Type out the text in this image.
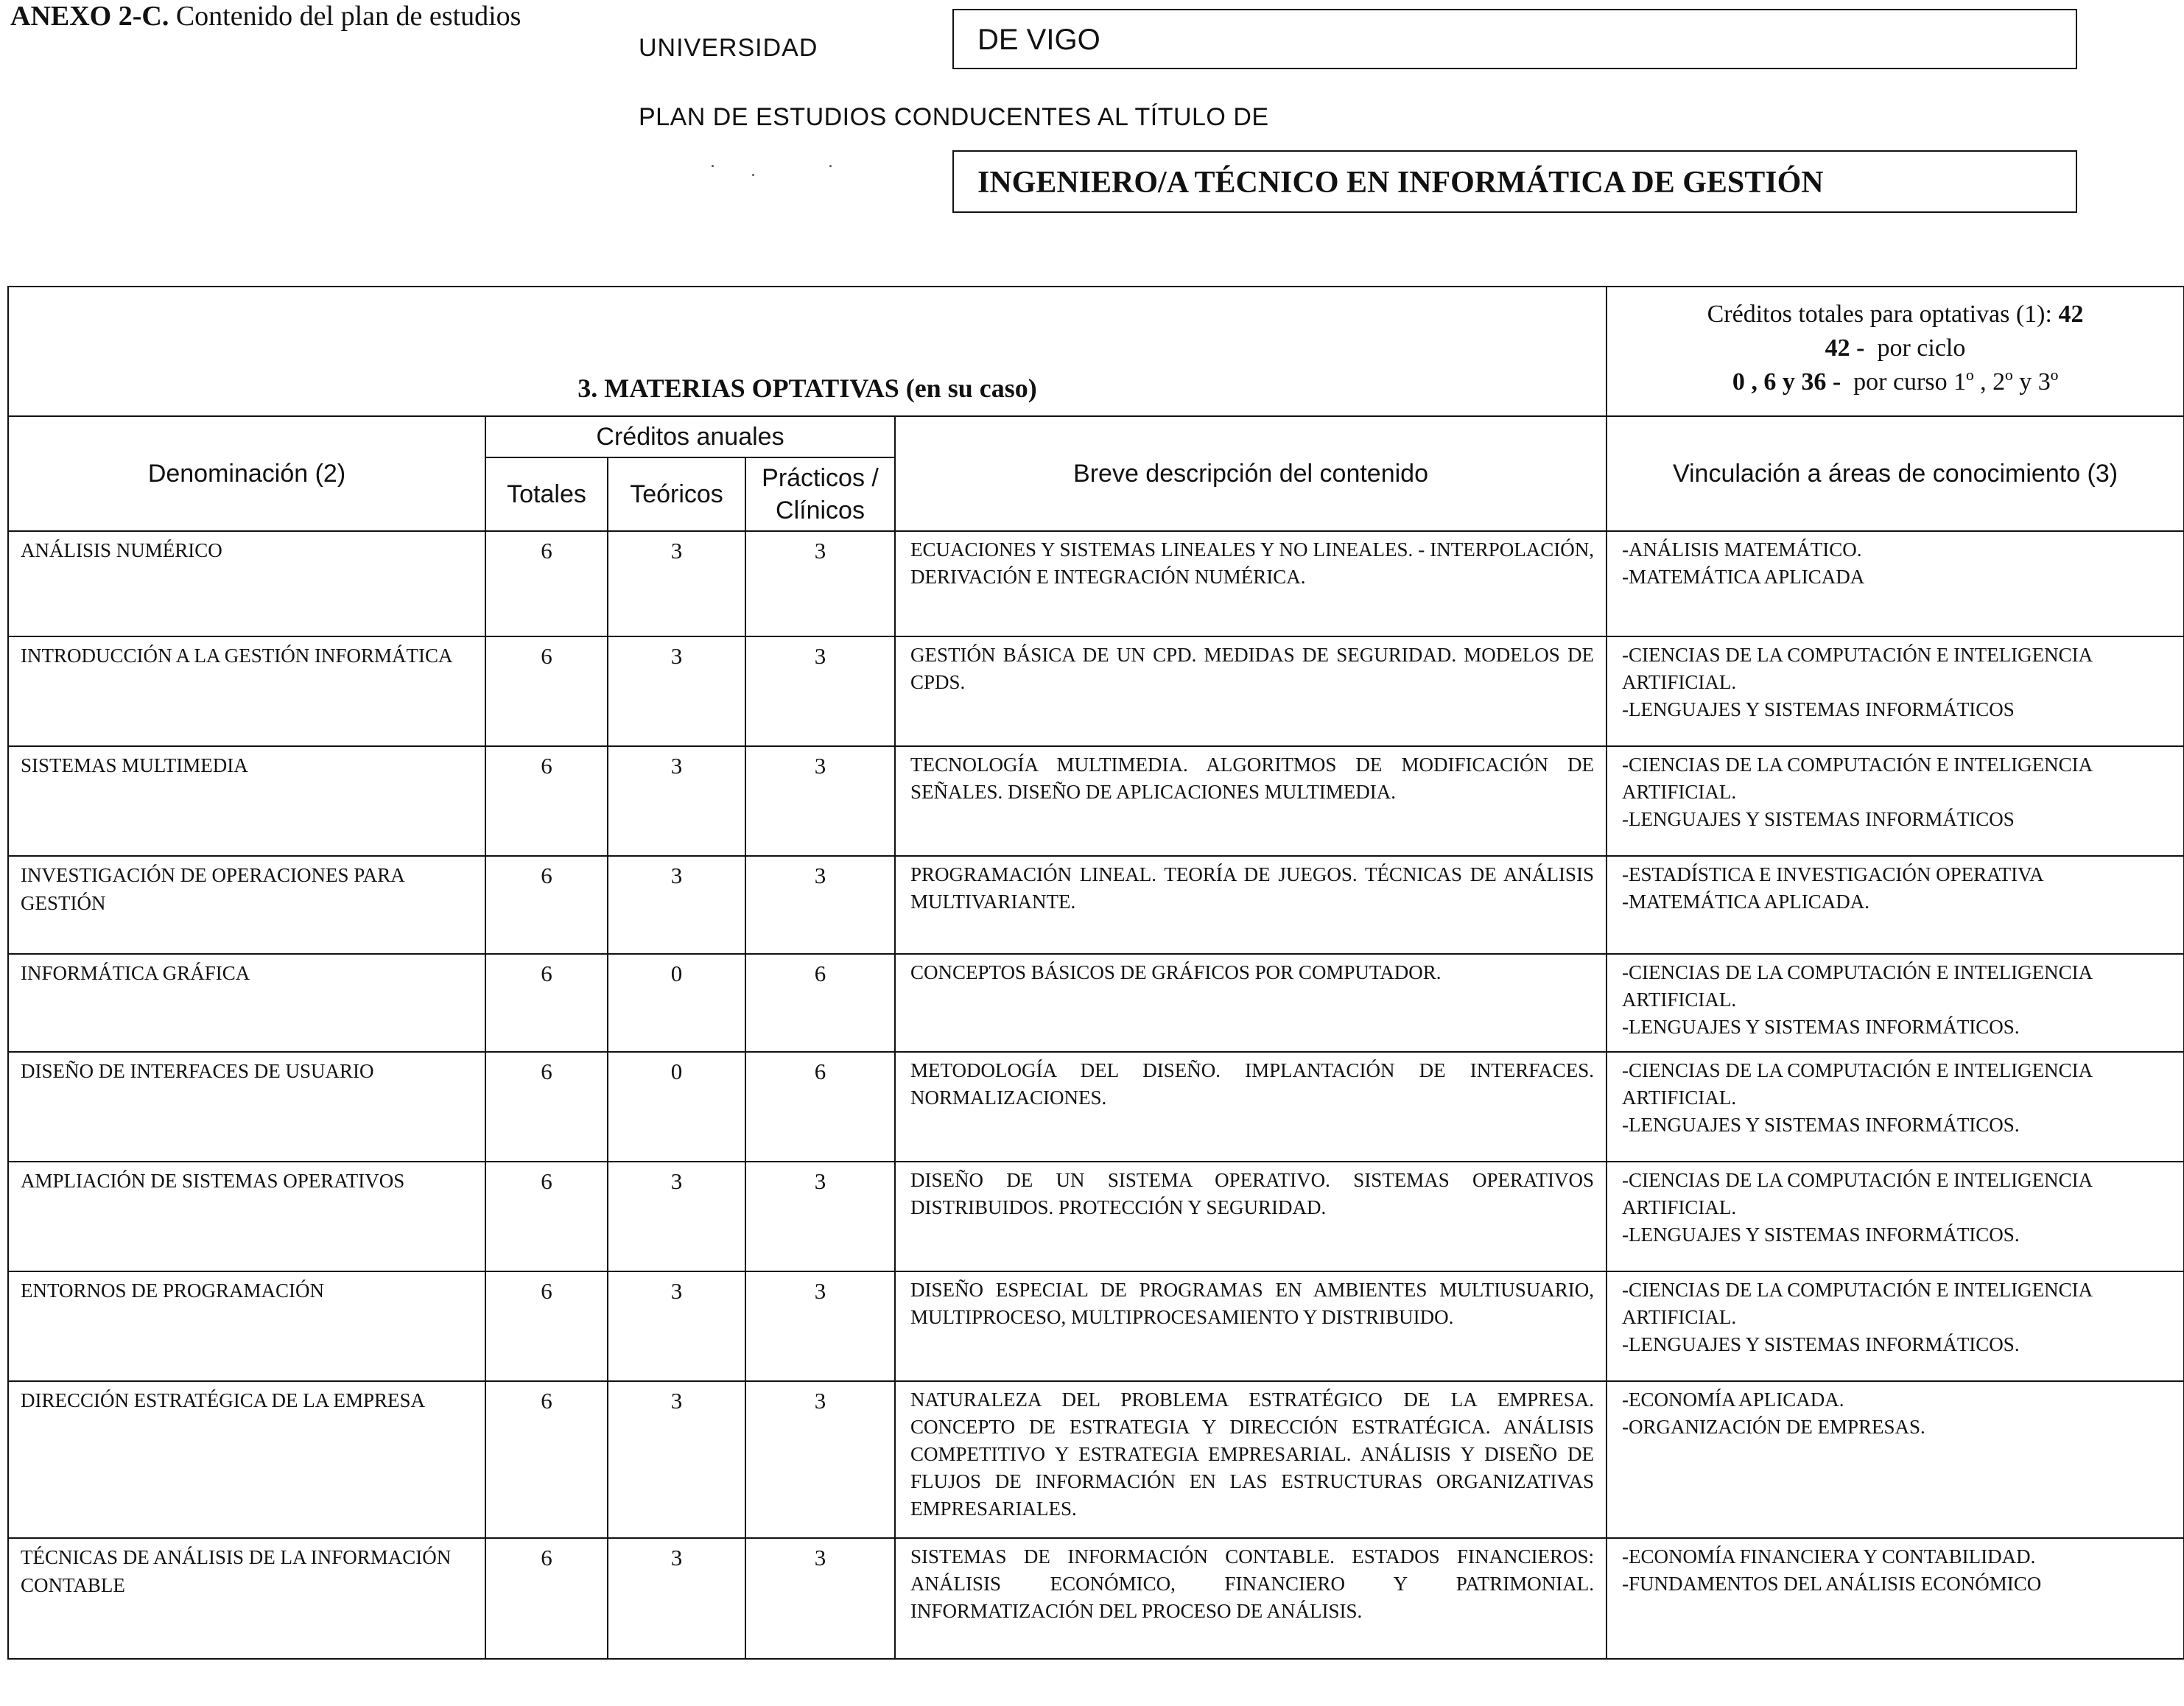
ANEXO 2-C. Contenido del plan de estudios
UNIVERSIDAD	DE VIGO
PLAN DE ESTUDIOS CONDUCENTES AL TÍTULO DE
INGENIERO/A TÉCNICO EN INFORMÁTICA DE GESTIÓN
3. MATERIAS OPTATIVAS (en su caso)					Créditos totales para optativas (1): 42
42 - por ciclo
0 , 6 y 36 - por curso 1º , 2º y 3º

Denominación (2)	Créditos anuales			Breve descripción del contenido	Vinculación a áreas de conocimiento (3)
	Totales	Teóricos	Prácticos / Clínicos		
ANÁLISIS NUMÉRICO	6	3	3	ECUACIONES Y SISTEMAS LINEALES Y NO LINEALES. - INTERPOLACIÓN, DERIVACIÓN E INTEGRACIÓN NUMÉRICA.	-ANÁLISIS MATEMÁTICO.
-MATEMÁTICA APLICADA

INTRODUCCIÓN A LA GESTIÓN INFORMÁTICA	6	3	3	GESTIÓN BÁSICA DE UN CPD. MEDIDAS DE SEGURIDAD. MODELOS DE CPDS.	-CIENCIAS DE LA COMPUTACIÓN E INTELIGENCIA
ARTIFICIAL.
-LENGUAJES Y SISTEMAS INFORMÁTICOS

SISTEMAS MULTIMEDIA	6	3	3	TECNOLOGÍA MULTIMEDIA. ALGORITMOS DE MODIFICACIÓN DE SEÑALES. DISEÑO DE APLICACIONES MULTIMEDIA.	-CIENCIAS DE LA COMPUTACIÓN E INTELIGENCIA
ARTIFICIAL.
-LENGUAJES Y SISTEMAS INFORMÁTICOS

INVESTIGACIÓN DE OPERACIONES PARA GESTIÓN	6	3	3	PROGRAMACIÓN LINEAL. TEORÍA DE JUEGOS. TÉCNICAS DE ANÁLISIS MULTIVARIANTE.	-ESTADÍSTICA E INVESTIGACIÓN OPERATIVA
-MATEMÁTICA APLICADA.

INFORMÁTICA GRÁFICA	6	0	6	CONCEPTOS BÁSICOS DE GRÁFICOS POR COMPUTADOR.	-CIENCIAS DE LA COMPUTACIÓN E INTELIGENCIA
ARTIFICIAL.
-LENGUAJES Y SISTEMAS INFORMÁTICOS.

DISEÑO DE INTERFACES DE USUARIO	6	0	6	METODOLOGÍA DEL DISEÑO. IMPLANTACIÓN DE INTERFACES. NORMALIZACIONES.	-CIENCIAS DE LA COMPUTACIÓN E INTELIGENCIA
ARTIFICIAL.
-LENGUAJES Y SISTEMAS INFORMÁTICOS.

AMPLIACIÓN DE SISTEMAS OPERATIVOS	6	3	3	DISEÑO DE UN SISTEMA OPERATIVO. SISTEMAS OPERATIVOS DISTRIBUIDOS. PROTECCIÓN Y SEGURIDAD.	-CIENCIAS DE LA COMPUTACIÓN E INTELIGENCIA
ARTIFICIAL.
-LENGUAJES Y SISTEMAS INFORMÁTICOS.

ENTORNOS DE PROGRAMACIÓN	6	3	3	DISEÑO ESPECIAL DE PROGRAMAS EN AMBIENTES MULTIUSUARIO, MULTIPROCESO, MULTIPROCESAMIENTO Y DISTRIBUIDO.	-CIENCIAS DE LA COMPUTACIÓN E INTELIGENCIA
ARTIFICIAL.
-LENGUAJES Y SISTEMAS INFORMÁTICOS.

DIRECCIÓN ESTRATÉGICA DE LA EMPRESA	6	3	3	NATURALEZA DEL PROBLEMA ESTRATÉGICO DE LA EMPRESA. CONCEPTO DE ESTRATEGIA Y DIRECCIÓN ESTRATÉGICA. ANÁLISIS COMPETITIVO Y ESTRATEGIA EMPRESARIAL. ANÁLISIS Y DISEÑO DE FLUJOS DE INFORMACIÓN EN LAS ESTRUCTURAS ORGANIZATIVAS EMPRESARIALES.	-ECONOMÍA APLICADA.
-ORGANIZACIÓN DE EMPRESAS.

TÉCNICAS DE ANÁLISIS DE LA INFORMACIÓN CONTABLE	6	3	3	SISTEMAS DE INFORMACIÓN CONTABLE. ESTADOS FINANCIEROS: ANÁLISIS ECONÓMICO, FINANCIERO Y PATRIMONIAL. INFORMATIZACIÓN DEL PROCESO DE ANÁLISIS.	-ECONOMÍA FINANCIERA Y CONTABILIDAD.
-FUNDAMENTOS DEL ANÁLISIS ECONÓMICO
